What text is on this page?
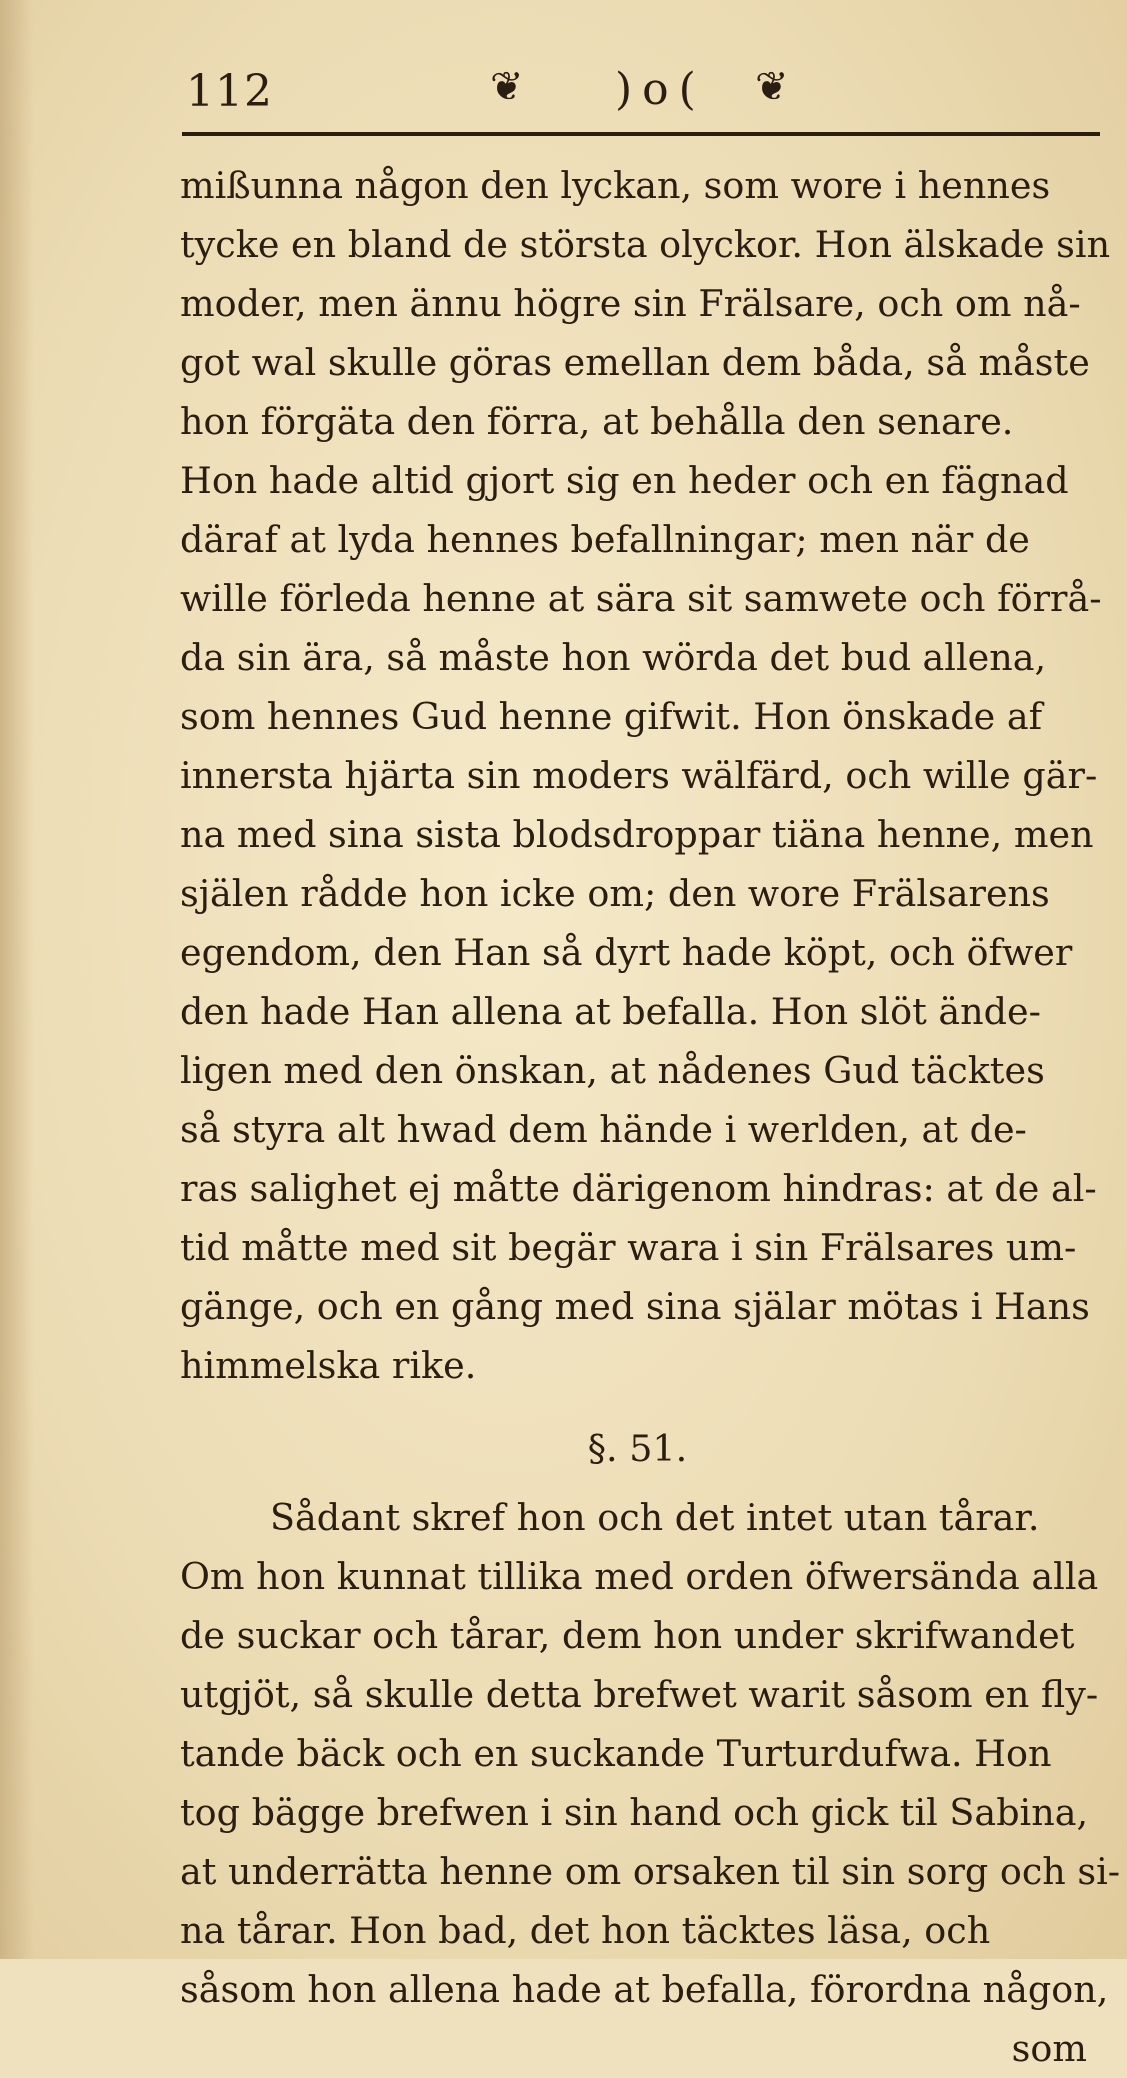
112	❦ )o( ❦
mißunna någon den lyckan, som wore i hennes
tycke en bland de största olyckor. Hon älskade sin
moder, men ännu högre sin Frälsare, och om nå-
got wal skulle göras emellan dem båda, så måste
hon förgäta den förra, at behålla den senare.
Hon hade altid gjort sig en heder och en fägnad
däraf at lyda hennes befallningar; men när de
wille förleda henne at sära sit samwete och förrå-
da sin ära, så måste hon wörda det bud allena,
som hennes Gud henne gifwit. Hon önskade af
innersta hjärta sin moders wälfärd, och wille gär-
na med sina sista blodsdroppar tiäna henne, men
själen rådde hon icke om; den wore Frälsarens
egendom, den Han så dyrt hade köpt, och öfwer
den hade Han allena at befalla. Hon slöt ände-
ligen med den önskan, at nådenes Gud täcktes
så styra alt hwad dem hände i werlden, at de-
ras salighet ej måtte därigenom hindras: at de al-
tid måtte med sit begär wara i sin Frälsares um-
gänge, och en gång med sina själar mötas i Hans
himmelska rike.
§. 51.
Sådant skref hon och det intet utan tårar.
Om hon kunnat tillika med orden öfwersända alla
de suckar och tårar, dem hon under skrifwandet
utgjöt, så skulle detta brefwet warit såsom en fly-
tande bäck och en suckande Turturdufwa. Hon
tog bägge brefwen i sin hand och gick til Sabina,
at underrätta henne om orsaken til sin sorg och si-
na tårar. Hon bad, det hon täcktes läsa, och
såsom hon allena hade at befalla, förordna någon,
som
